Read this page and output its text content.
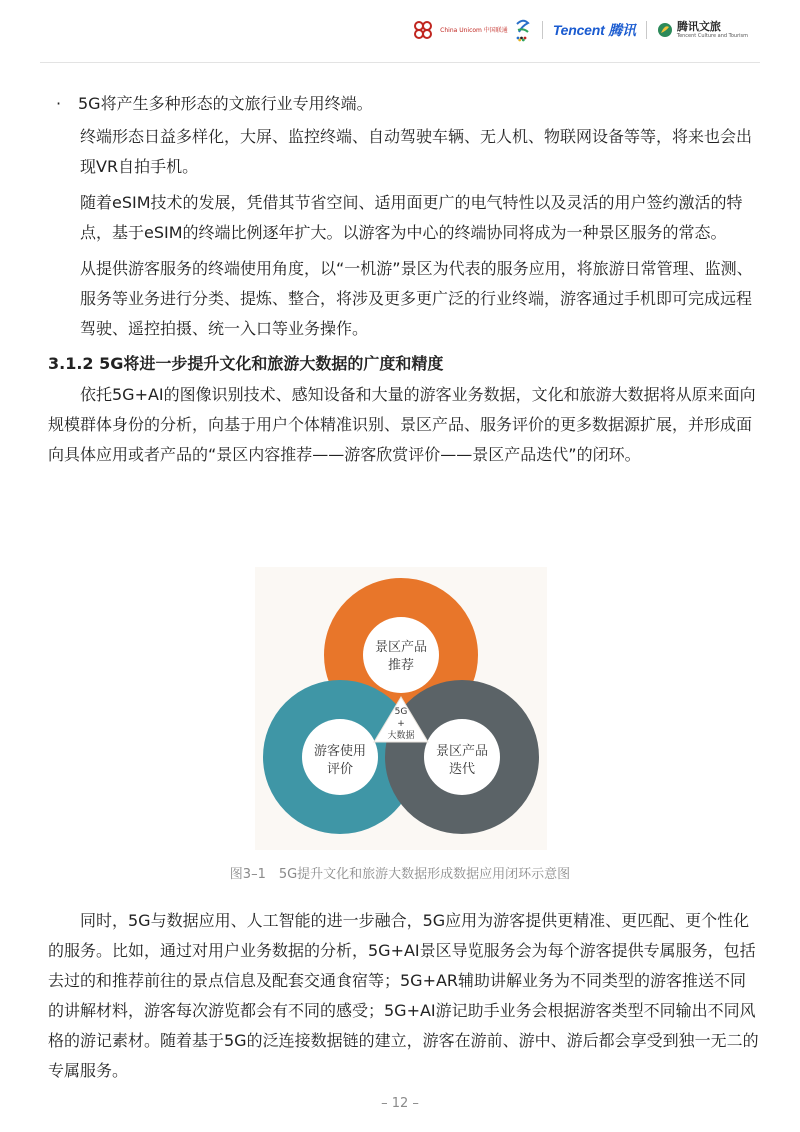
China Unicom 中国联通	Tencent 腾讯	腾讯文旅
Tencent Culture and Tourism
·	5G将产生多种形态的文旅行业专用终端。

终端形态日益多样化，大屏、监控终端、自动驾驶车辆、无人机、物联网设备等等，将来也会出现VR自拍手机。

随着eSIM技术的发展，凭借其节省空间、适用面更广的电气特性以及灵活的用户签约激活的特点，基于eSIM的终端比例逐年扩大。以游客为中心的终端协同将成为一种景区服务的常态。

从提供游客服务的终端使用角度，以“一机游”景区为代表的服务应用，将旅游日常管理、监测、服务等业务进行分类、提炼、整合，将涉及更多更广泛的行业终端，游客通过手机即可完成远程驾驶、遥控拍摄、统一入口等业务操作。

3.1.2 5G将进一步提升文化和旅游大数据的广度和精度

依托5G+AI的图像识别技术、感知设备和大量的游客业务数据，文化和旅游大数据将从原来面向规模群体身份的分析，向基于用户个体精准识别、景区产品、服务评价的更多数据源扩展，并形成面向具体应用或者产品的“景区内容推荐——游客欣赏评价——景区产品迭代”的闭环。

景区产品
推荐
游客使用
评价
景区产品
迭代
5G
+
大数据
图3–1　5G提升文化和旅游大数据形成数据应用闭环示意图

同时，5G与数据应用、人工智能的进一步融合，5G应用为游客提供更精准、更匹配、更个性化的服务。比如，通过对用户业务数据的分析，5G+AI景区导览服务会为每个游客提供专属服务，包括去过的和推荐前往的景点信息及配套交通食宿等；5G+AR辅助讲解业务为不同类型的游客推送不同的讲解材料，游客每次游览都会有不同的感受；5G+AI游记助手业务会根据游客类型不同输出不同风格的游记素材。随着基于5G的泛连接数据链的建立，游客在游前、游中、游后都会享受到独一无二的专属服务。

– 12 –
